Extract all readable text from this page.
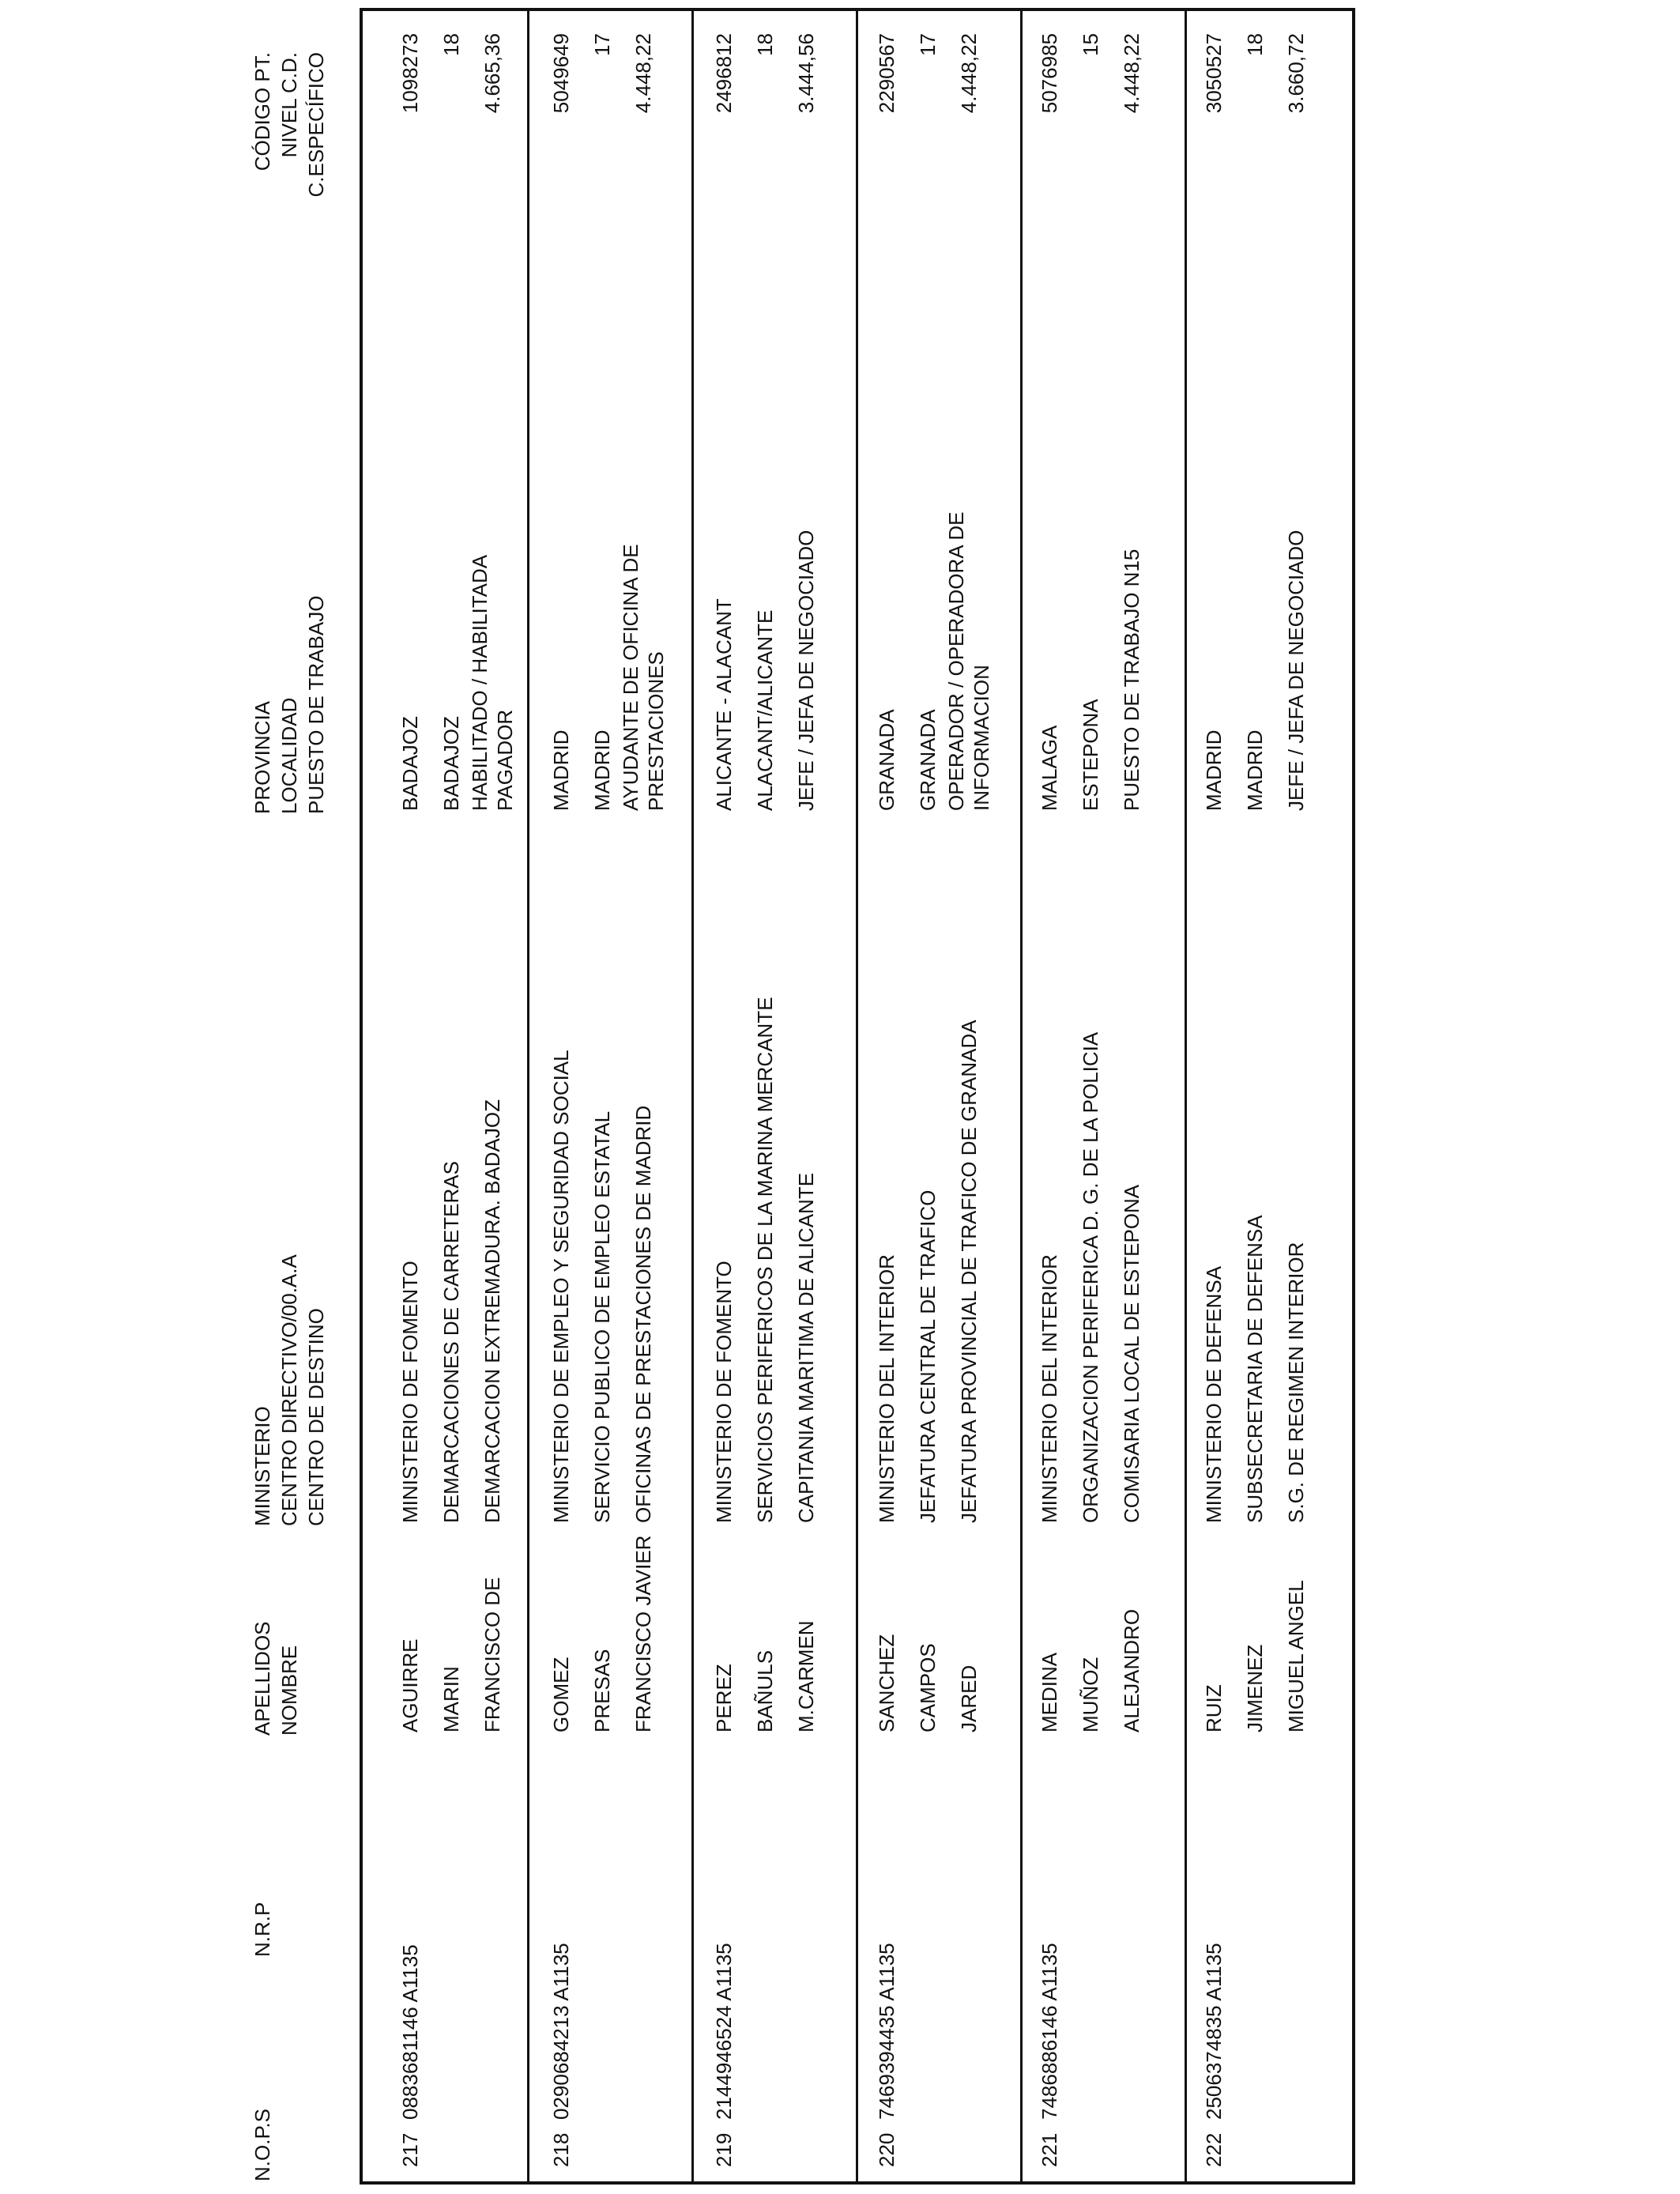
N.O.P.S
N.R.P
APELLIDOS NOMBRE
MINISTERIO CENTRO DIRECTIVO/00.A.A CENTRO DE DESTINO
PROVINCIA LOCALIDAD PUESTO DE TRABAJO
CÓDIGO PT. NIVEL C.D. C.ESPECÍFICO
217
0883681146 A1135
AGUIRRE MARIN FRANCISCO DE
MINISTERIO DE FOMENTO DEMARCACIONES DE CARRETERAS DEMARCACION EXTREMADURA. BADAJOZ
BADAJOZ BADAJOZ HABILITADO / HABILITADA PAGADOR
1098273 18 4.665,36
218
0290684213 A1135
GOMEZ PRESAS FRANCISCO JAVIER
MINISTERIO DE EMPLEO Y SEGURIDAD SOCIAL SERVICIO PUBLICO DE EMPLEO ESTATAL OFICINAS DE PRESTACIONES DE MADRID
MADRID MADRID AYUDANTE DE OFICINA DE PRESTACIONES
5049649 17 4.448,22
219
2144946524 A1135
PEREZ BAÑULS M.CARMEN
MINISTERIO DE FOMENTO SERVICIOS PERIFERICOS DE LA MARINA MERCANTE CAPITANIA MARITIMA DE ALICANTE
ALICANTE - ALACANT ALACANT/ALICANTE JEFE / JEFA DE NEGOCIADO
2496812 18 3.444,56
220
7469394435 A1135
SANCHEZ CAMPOS JARED
MINISTERIO DEL INTERIOR JEFATURA CENTRAL DE TRAFICO JEFATURA PROVINCIAL DE TRAFICO DE GRANADA
GRANADA GRANADA OPERADOR / OPERADORA DE INFORMACION
2290567 17 4.448,22
221
7486886146 A1135
MEDINA MUÑOZ ALEJANDRO
MINISTERIO DEL INTERIOR ORGANIZACION PERIFERICA D. G. DE LA POLICIA COMISARIA LOCAL DE ESTEPONA
MALAGA ESTEPONA PUESTO DE TRABAJO N15
5076985 15 4.448,22
222
2506374835 A1135
RUIZ JIMENEZ MIGUEL ANGEL
MINISTERIO DE DEFENSA SUBSECRETARIA DE DEFENSA S.G. DE REGIMEN INTERIOR
MADRID MADRID JEFE / JEFA DE NEGOCIADO
3050527 18 3.660,72
